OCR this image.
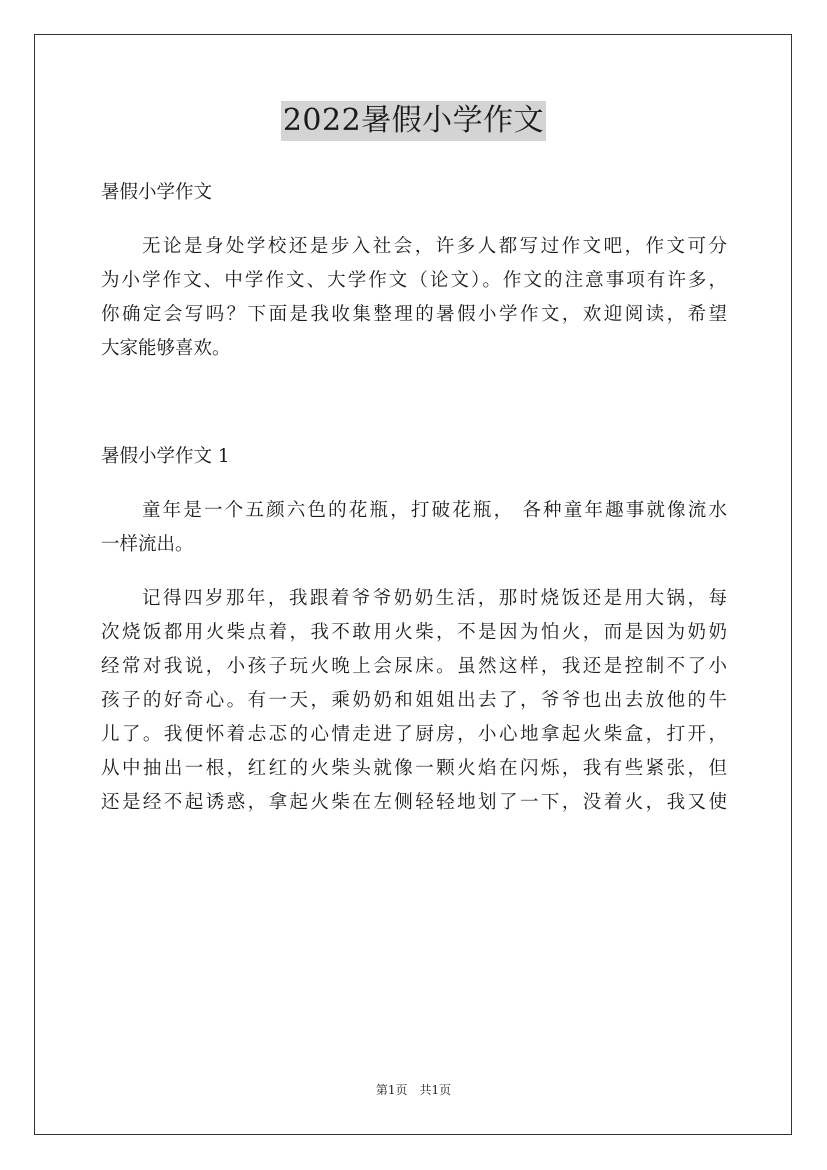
2022暑假小学作文
暑假小学作文
无论是身处学校还是步入社会，许多人都写过作文吧，作文可分
为小学作文、中学作文、大学作文（论文）。作文的注意事项有许多，
你确定会写吗？下面是我收集整理的暑假小学作文，欢迎阅读，希望
大家能够喜欢。
暑假小学作文 1
童年是一个五颜六色的花瓶，打破花瓶， 各种童年趣事就像流水
一样流出。
记得四岁那年，我跟着爷爷奶奶生活，那时烧饭还是用大锅，每
次烧饭都用火柴点着，我不敢用火柴，不是因为怕火，而是因为奶奶
经常对我说，小孩子玩火晚上会尿床。虽然这样，我还是控制不了小
孩子的好奇心。有一天，乘奶奶和姐姐出去了，爷爷也出去放他的牛
儿了。我便怀着忐忑的心情走进了厨房，小心地拿起火柴盒，打开，
从中抽出一根，红红的火柴头就像一颗火焰在闪烁，我有些紧张，但
还是经不起诱惑，拿起火柴在左侧轻轻地划了一下，没着火，我又使
第1页　共1页
